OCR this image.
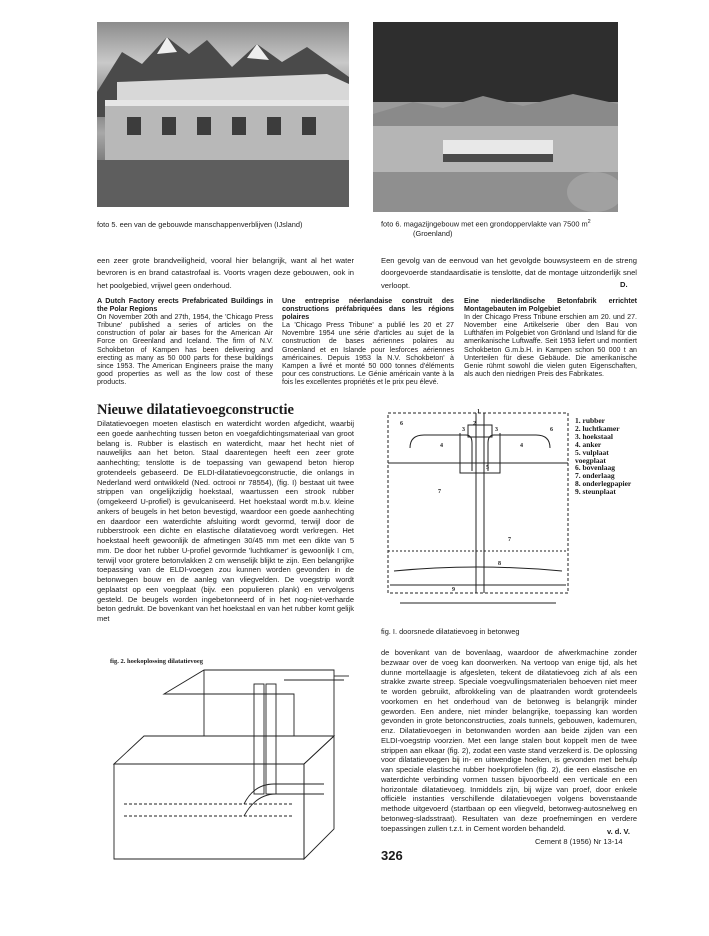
foto 5. een van de gebouwde manschappenverblijven (IJsland)	foto 6. magazijngebouw met een grondoppervlakte van 7500 $m^2$
(Groenland)
een zeer grote brandveiligheid, vooral hier belangrijk, want al het water bevroren is en brand catastrofaal is. Voorts vragen deze gebouwen, ook in het poolgebied, vrijwel geen onderhoud.
Een gevolg van de eenvoud van het gevolgde bouwsysteem en de streng doorgevoerde standaardisatie is tenslotte, dat de montage uitzonderlijk snel verloopt.	D.
A Dutch Factory erects Prefabricated Buildings in the Polar Regions
On November 20th and 27th, 1954, the 'Chicago Press Tribune' published a series of articles on the construction of polar air bases for the American Air Force on Greenland and Iceland. The firm of N.V. Schokbeton of Kampen has been delivering and erecting as many as 50 000 parts for these buildings since 1953. The American Engineers praise the many good properties as well as the low cost of these products.
Une entreprise néerlandaise construit des constructions préfabriquées dans les régions polaires
La 'Chicago Press Tribune' a publié les 20 et 27 Novembre 1954 une série d'articles au sujet de la construction de bases aériennes polaires au Groenland et en Islande pour lesforces aériennes américaines. Depuis 1953 la N.V. Schokbeton' à Kampen a livré et monté 50 000 tonnes d'éléments pour ces constructions. Le Génie américain vante à la fois les excellentes propriétés et le prix peu élevé.
Eine niederländische Betonfabrik errichtet Montagebauten im Polgebiet
In der Chicago Press Tribune erschien am 20. und 27. November eine Artikelserie über den Bau von Lufthäfen im Polgebiet von Grönland und Island für die amerikanische Luftwaffe. Seit 1953 liefert und montiert Schokbeton G.m.b.H. in Kampen schon 50 000 t an Unterteilen für diese Gebäude. Die amerikanische Genie rühmt sowohl die vielen guten Eigenschaften, als auch den niedrigen Preis des Fabrikates.
Nieuwe dilatatievoegconstructie
Dilatatievoegen moeten elastisch en waterdicht worden afgedicht, waarbij een goede aanhechting tussen beton en voegafdichtingsmateriaal van groot belang is. Rubber is elastisch en waterdicht, maar het hecht niet of nauwelijks aan het beton. Staal daarentegen heeft een zeer grote aanhechting; tenslotte is de toepassing van gewapend beton hierop grotendeels gebaseerd. De ELDI-dilatatievoegconstructie, die onlangs in Nederland werd ontwikkeld (Ned. octrooi nr 78554), (fig. I) bestaat uit twee strippen van ongelijkzijdig hoekstaal, waartussen een strook rubber (omgekeerd U-profiel) is gevulcaniseerd. Het hoekstaal wordt m.b.v. kleine ankers of beugels in het beton bevestigd, waardoor een goede aanhechting en daardoor een waterdichte afsluiting wordt gevormd, terwijl door de rubberstrook een dichte en elastische dilatatievoeg wordt verkregen. Het hoekstaal heeft gewoonlijk de afmetingen 30/45 mm met een dikte van 5 mm. De door het rubber U-profiel gevormde 'luchtkamer' is gewoonlijk I cm, terwijl voor grotere betonvlakken 2 cm wenselijk blijkt te zijn. Een belangrijke toepassing van de ELDI-voegen zou kunnen worden gevonden in de betonwegen bouw en de aanleg van vliegvelden. De voegstrip wordt geplaatst op een voegplaat (bijv. een populieren plank) en vervolgens gesteld. De beugels worden ingebetonneerd of in het nog-niet-verharde beton gedrukt. De bovenkant van het hoekstaal en van het rubber komt gelijk met
1
2
3	3
4	4
5
6
6
7
7
8
9
1. rubber
2. luchtkamer
3. hoekstaal
4. anker
5. vulplaat voegplaat
6. bovenlaag
7. onderlaag
8. onderlegpapier
9. steunplaat
fig. I. doorsnede dilatatievoeg in betonweg
fig. 2. hoekoplossing dilatatievoeg
de bovenkant van de bovenlaag, waardoor de afwerkmachine zonder bezwaar over de voeg kan doorwerken. Na vertoop van enige tijd, als het dunne mortellaagje is afgesleten, tekent de dilatatievoeg zich af als een strakke zwarte streep. Speciale voegvullingsmaterialen behoeven niet meer te worden gebruikt, afbrokkeling van de plaatranden wordt grotendeels voorkomen en het onderhoud van de betonweg is belangrijk minder geworden. Een andere, niet minder belangrijke, toepassing kan worden gevonden in grote betonconstructies, zoals tunnels, gebouwen, kademuren, enz. Dilatatievoegen in betonwanden worden aan beide zijden van een ELDI-voegstrip voorzien. Met een lange stalen bout koppelt men de twee strippen aan elkaar (fig. 2), zodat een vaste stand verzekerd is. De oplossing voor dilatatievoegen bij in- en uitwendige hoeken, is gevonden met behulp van speciale elastische rubber hoekprofielen (fig. 2), die een elastische en waterdichte verbinding vormen tussen bijvoorbeeld een verticale en een horizontale dilatatievoeg. Inmiddels zijn, bij wijze van proef, door enkele officiële instanties verschillende dilatatievoegen volgens bovenstaande methode uitgevoerd (startbaan op een vliegveld, betonweg-autosnelweg en betonweg-sladsstraat). Resultaten van deze proefnemingen en verdere toepassingen zullen t.z.t. in Cement worden behandeld.	v. d. V.
Cement 8 (1956) Nr 13-14
326
